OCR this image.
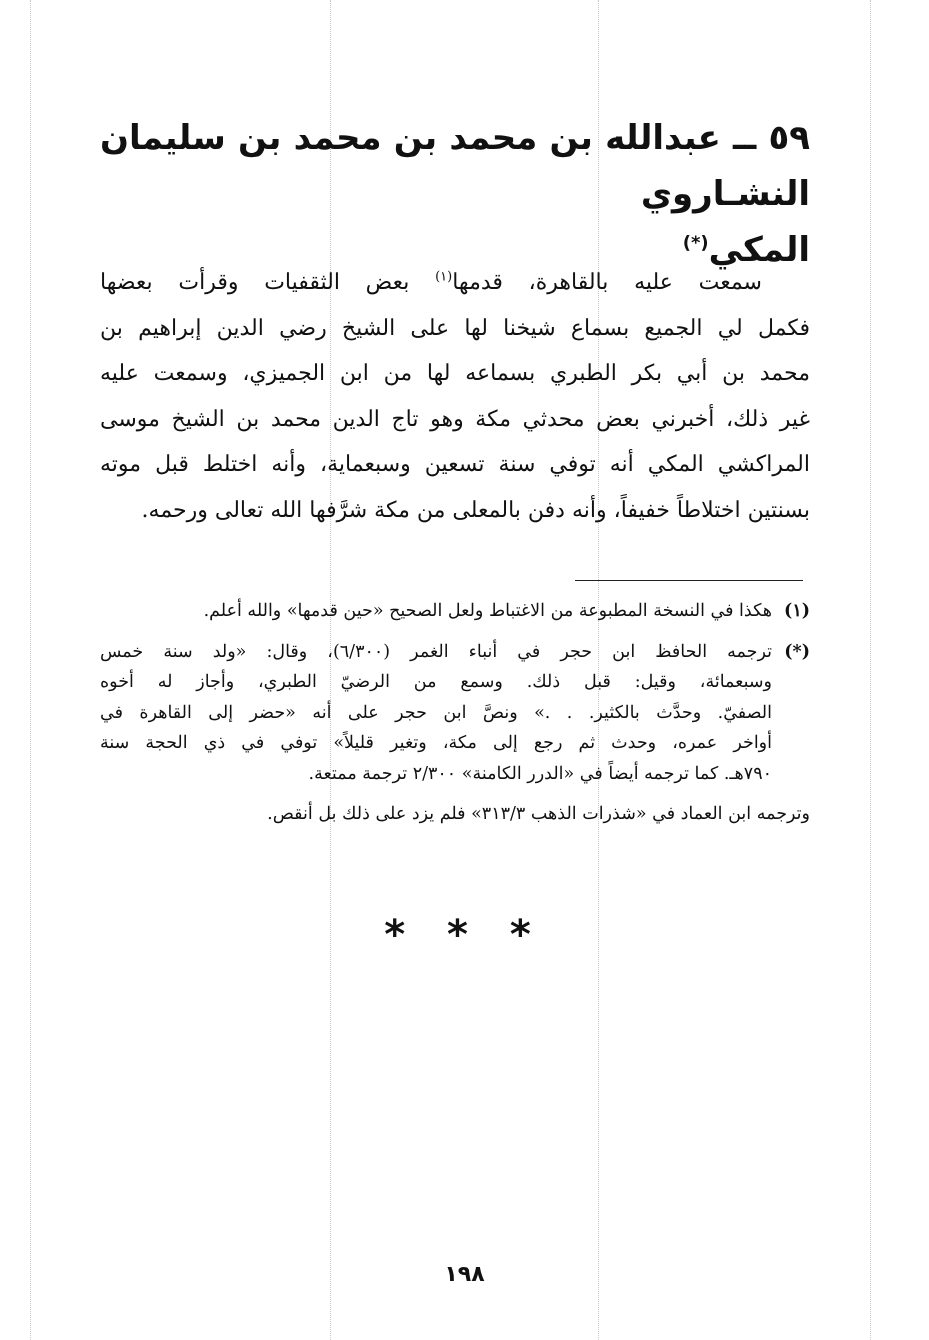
٥٩ ــ عبدالله بن محمد بن محمد بن سليمان النشـاروي
المكي(*)
سمعت عليه بالقاهرة، قدمها$^{(١)}$ بعض الثقفيات وقرأت بعضها
فكمل لي الجميع بسماع شيخنا لها على الشيخ رضي الدين إبراهيم بن
محمد بن أبي بكر الطبري بسماعه لها من ابن الجميزي، وسمعت عليه
غير ذلك، أخبرني بعض محدثي مكة وهو تاج الدين محمد بن الشيخ موسى
المراكشي المكي أنه توفي سنة تسعين وسبعماية، وأنه اختلط قبل موته
بسنتين اختلاطاً خفيفاً، وأنه دفن بالمعلى من مكة شرَّفها الله تعالى ورحمه.
(١)
هكذا في النسخة المطبوعة من الاغتباط ولعل الصحيح «حين قدمها» والله أعلم.
(*)
ترجمه الحافظ ابن حجر في أنباء الغمر (٦/٣٠٠)، وقال: «ولد سنة خمس
وسبعمائة، وقيل: قبل ذلك. وسمع من الرضيّ الطبري، وأجاز له أخوه
الصفيّ. وحدَّث بالكثير. . .» ونصَّ ابن حجر على أنه «حضر إلى القاهرة في
أواخر عمره، وحدث ثم رجع إلى مكة، وتغير قليلاً» توفي في ذي الحجة سنة
٧٩٠هـ. كما ترجمه أيضاً في «الدرر الكامنة» ٢/٣٠٠ ترجمة ممتعة.
وترجمه ابن العماد في «شذرات الذهب ٣١٣/٣» فلم يزد على ذلك بل أنقص.
* * *
١٩٨
